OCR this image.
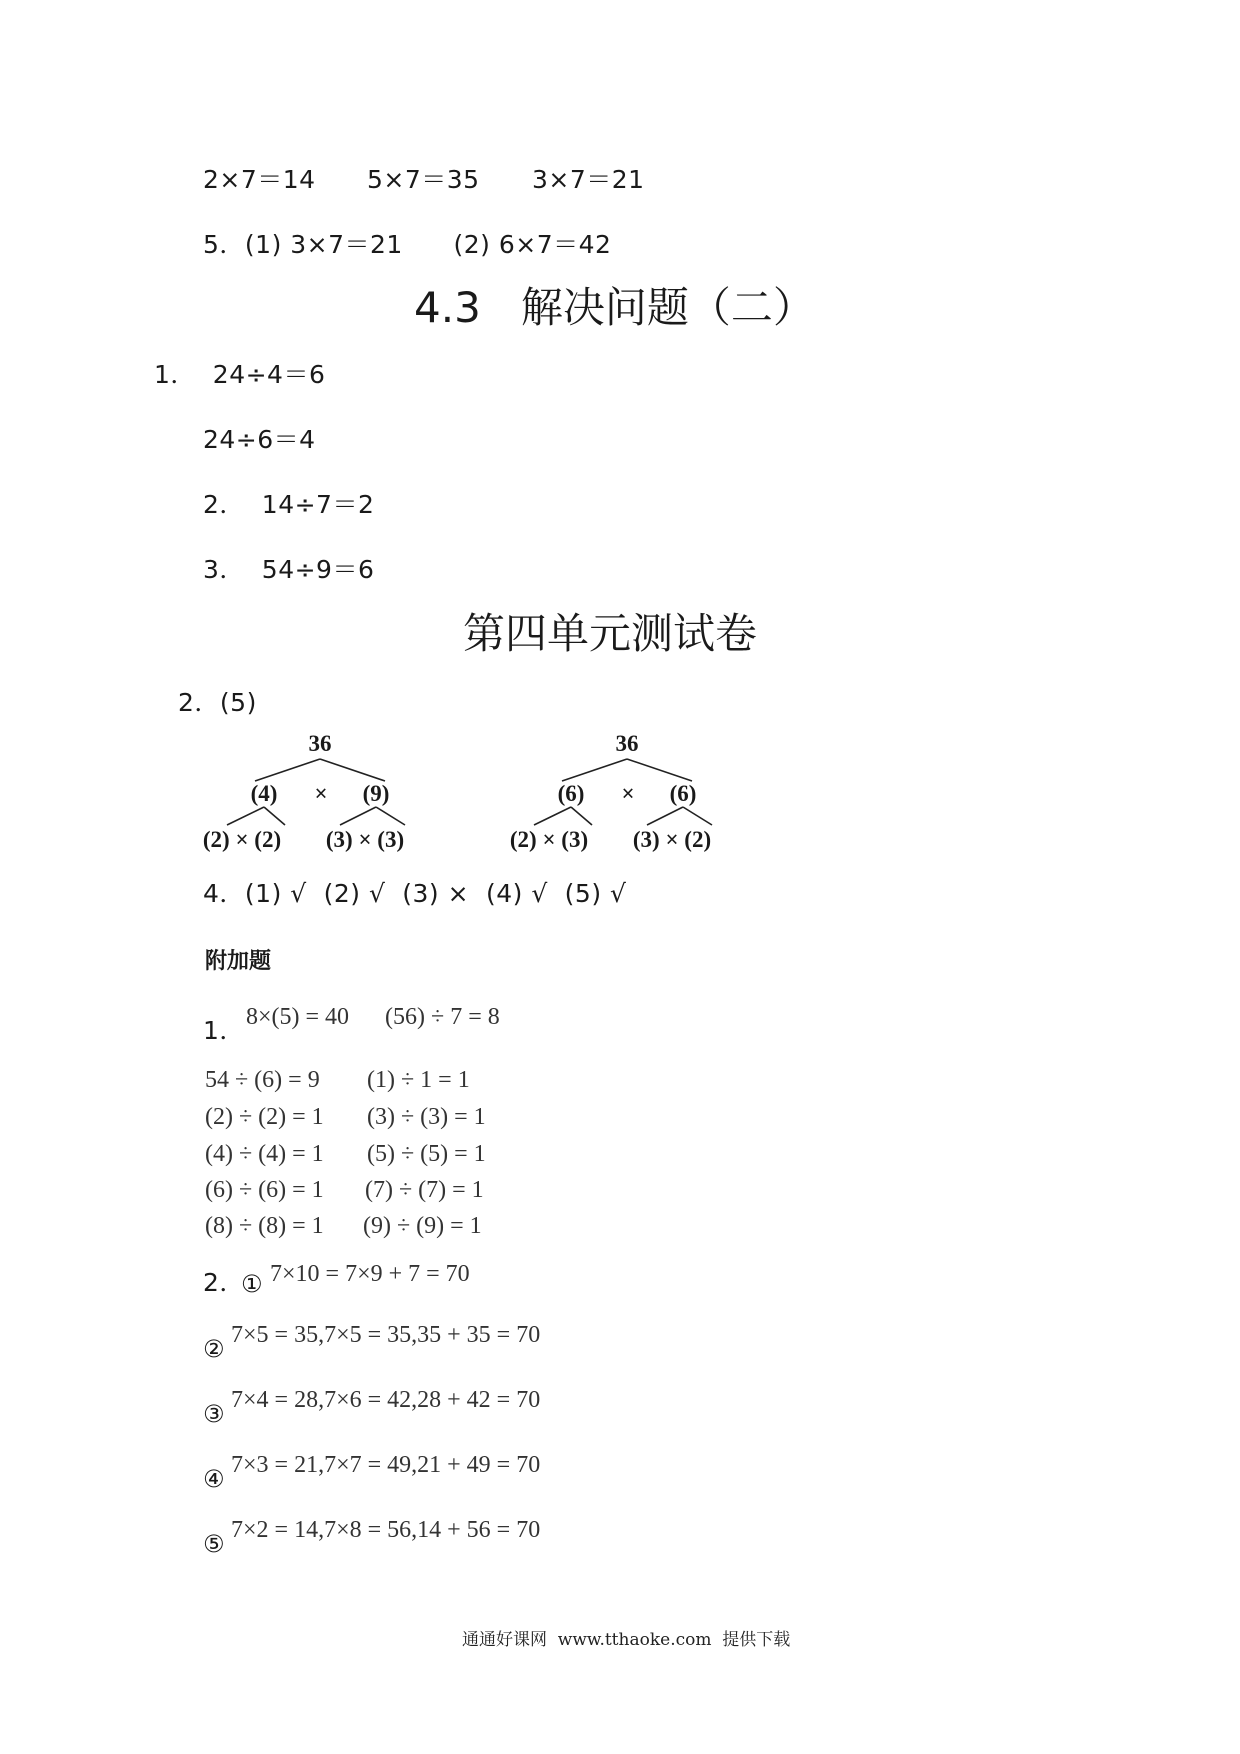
2×7＝14 5×7＝35 3×7＝21
5．(1) 3×7＝21      (2) 6×7＝42
4.3   解决问题（二）
1．  24÷4＝6
24÷6＝4
2．  14÷7＝2
3．  54÷9＝6
第四单元测试卷
2．(5)
36
(4) × (9)
(2) × (2) (3) × (3)
36
(6) × (6)
(2) × (3) (3) × (2)
4．(1) √  (2) √  (3) ×  (4) √  (5) √
附加题
1． 8×(5) = 40      (56) ÷ 7 = 8
54 ÷ (6) = 9 (1) ÷ 1 = 1
(2) ÷ (2) = 1 (3) ÷ (3) = 1
(4) ÷ (4) = 1 (5) ÷ (5) = 1
(6) ÷ (6) = 1 (7) ÷ (7) = 1
(8) ÷ (8) = 1 (9) ÷ (9) = 1
2．
① 7×10 = 7×9 + 7 = 70
② 7×5 = 35,7×5 = 35,35 + 35 = 70
③ 7×4 = 28,7×6 = 42,28 + 42 = 70
④ 7×3 = 21,7×7 = 49,21 + 49 = 70
⑤ 7×2 = 14,7×8 = 56,14 + 56 = 70
通通好课网  www.tthaoke.com  提供下载
